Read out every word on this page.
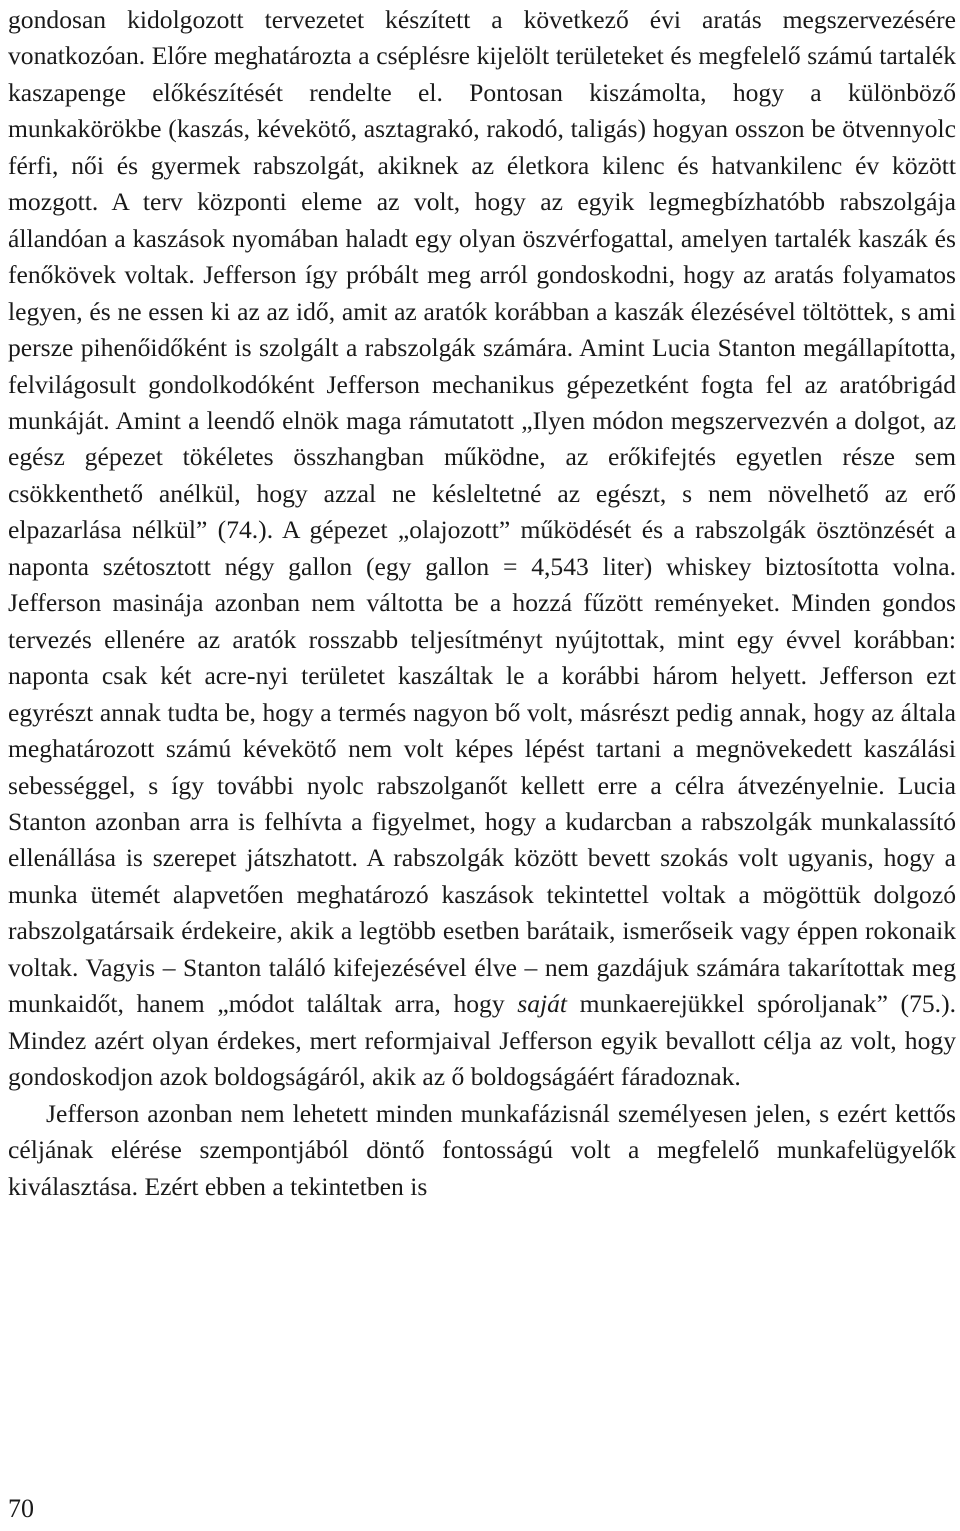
gondosan kidolgozott tervezetet készített a következő évi aratás megszervezésére vonatkozóan. Előre meghatározta a cséplésre kijelölt területeket és megfelelő számú tartalék kaszapenge előkészítését rendelte el. Pontosan kiszámolta, hogy a különböző munkakörökbe (kaszás, kévekötő, asztagrakó, rakodó, taligás) hogyan osszon be ötvennyolc férfi, női és gyermek rabszolgát, akiknek az életkora kilenc és hatvankilenc év között mozgott. A terv központi eleme az volt, hogy az egyik legmegbízhatóbb rabszolgája állandóan a kaszások nyomában haladt egy olyan öszvérfogattal, amelyen tartalék kaszák és fenőkövek voltak. Jefferson így próbált meg arról gondoskodni, hogy az aratás folyamatos legyen, és ne essen ki az az idő, amit az aratók korábban a kaszák élezésével töltöttek, s ami persze pihenőidőként is szolgált a rabszolgák számára. Amint Lucia Stanton megállapította, felvilágosult gondolkodóként Jefferson mechanikus gépezetként fogta fel az aratóbrigád munkáját. Amint a leendő elnök maga rámutatott „Ilyen módon megszervezvén a dolgot, az egész gépezet tökéletes összhangban működne, az erőkifejtés egyetlen része sem csökkenthető anélkül, hogy azzal ne késleltetné az egészt, s nem növelhető az erő elpazarlása nélkül” (74.). A gépezet „olajozott” működését és a rabszolgák ösztönzését a naponta szétosztott négy gallon (egy gallon = 4,543 liter) whiskey biztosította volna. Jefferson masinája azonban nem váltotta be a hozzá fűzött reményeket. Minden gondos tervezés ellenére az aratók rosszabb teljesítményt nyújtottak, mint egy évvel korábban: naponta csak két acre-nyi területet kaszáltak le a korábbi három helyett. Jefferson ezt egyrészt annak tudta be, hogy a termés nagyon bő volt, másrészt pedig annak, hogy az általa meghatározott számú kévekötő nem volt képes lépést tartani a megnövekedett kaszálási sebességgel, s így további nyolc rabszolganőt kellett erre a célra átvezényelnie. Lucia Stanton azonban arra is felhívta a figyelmet, hogy a kudarcban a rabszolgák munkalassító ellenállása is szerepet játszhatott. A rabszolgák között bevett szokás volt ugyanis, hogy a munka ütemét alapvetően meghatározó kaszások tekintettel voltak a mögöttük dolgozó rabszolgatársaik érdekeire, akik a legtöbb esetben barátaik, ismerőseik vagy éppen rokonaik voltak. Vagyis – Stanton találó kifejezésével élve – nem gazdájuk számára takarítottak meg munkaidőt, hanem „módot találtak arra, hogy saját munkaerejükkel spóroljanak” (75.). Mindez azért olyan érdekes, mert reformjaival Jefferson egyik bevallott célja az volt, hogy gondoskodjon azok boldogságáról, akik az ő boldogságáért fáradoznak.

Jefferson azonban nem lehetett minden munkafázisnál személyesen jelen, s ezért kettős céljának elérése szempontjából döntő fontosságú volt a megfelelő munkafelügyelők kiválasztása. Ezért ebben a tekintetben is

70
